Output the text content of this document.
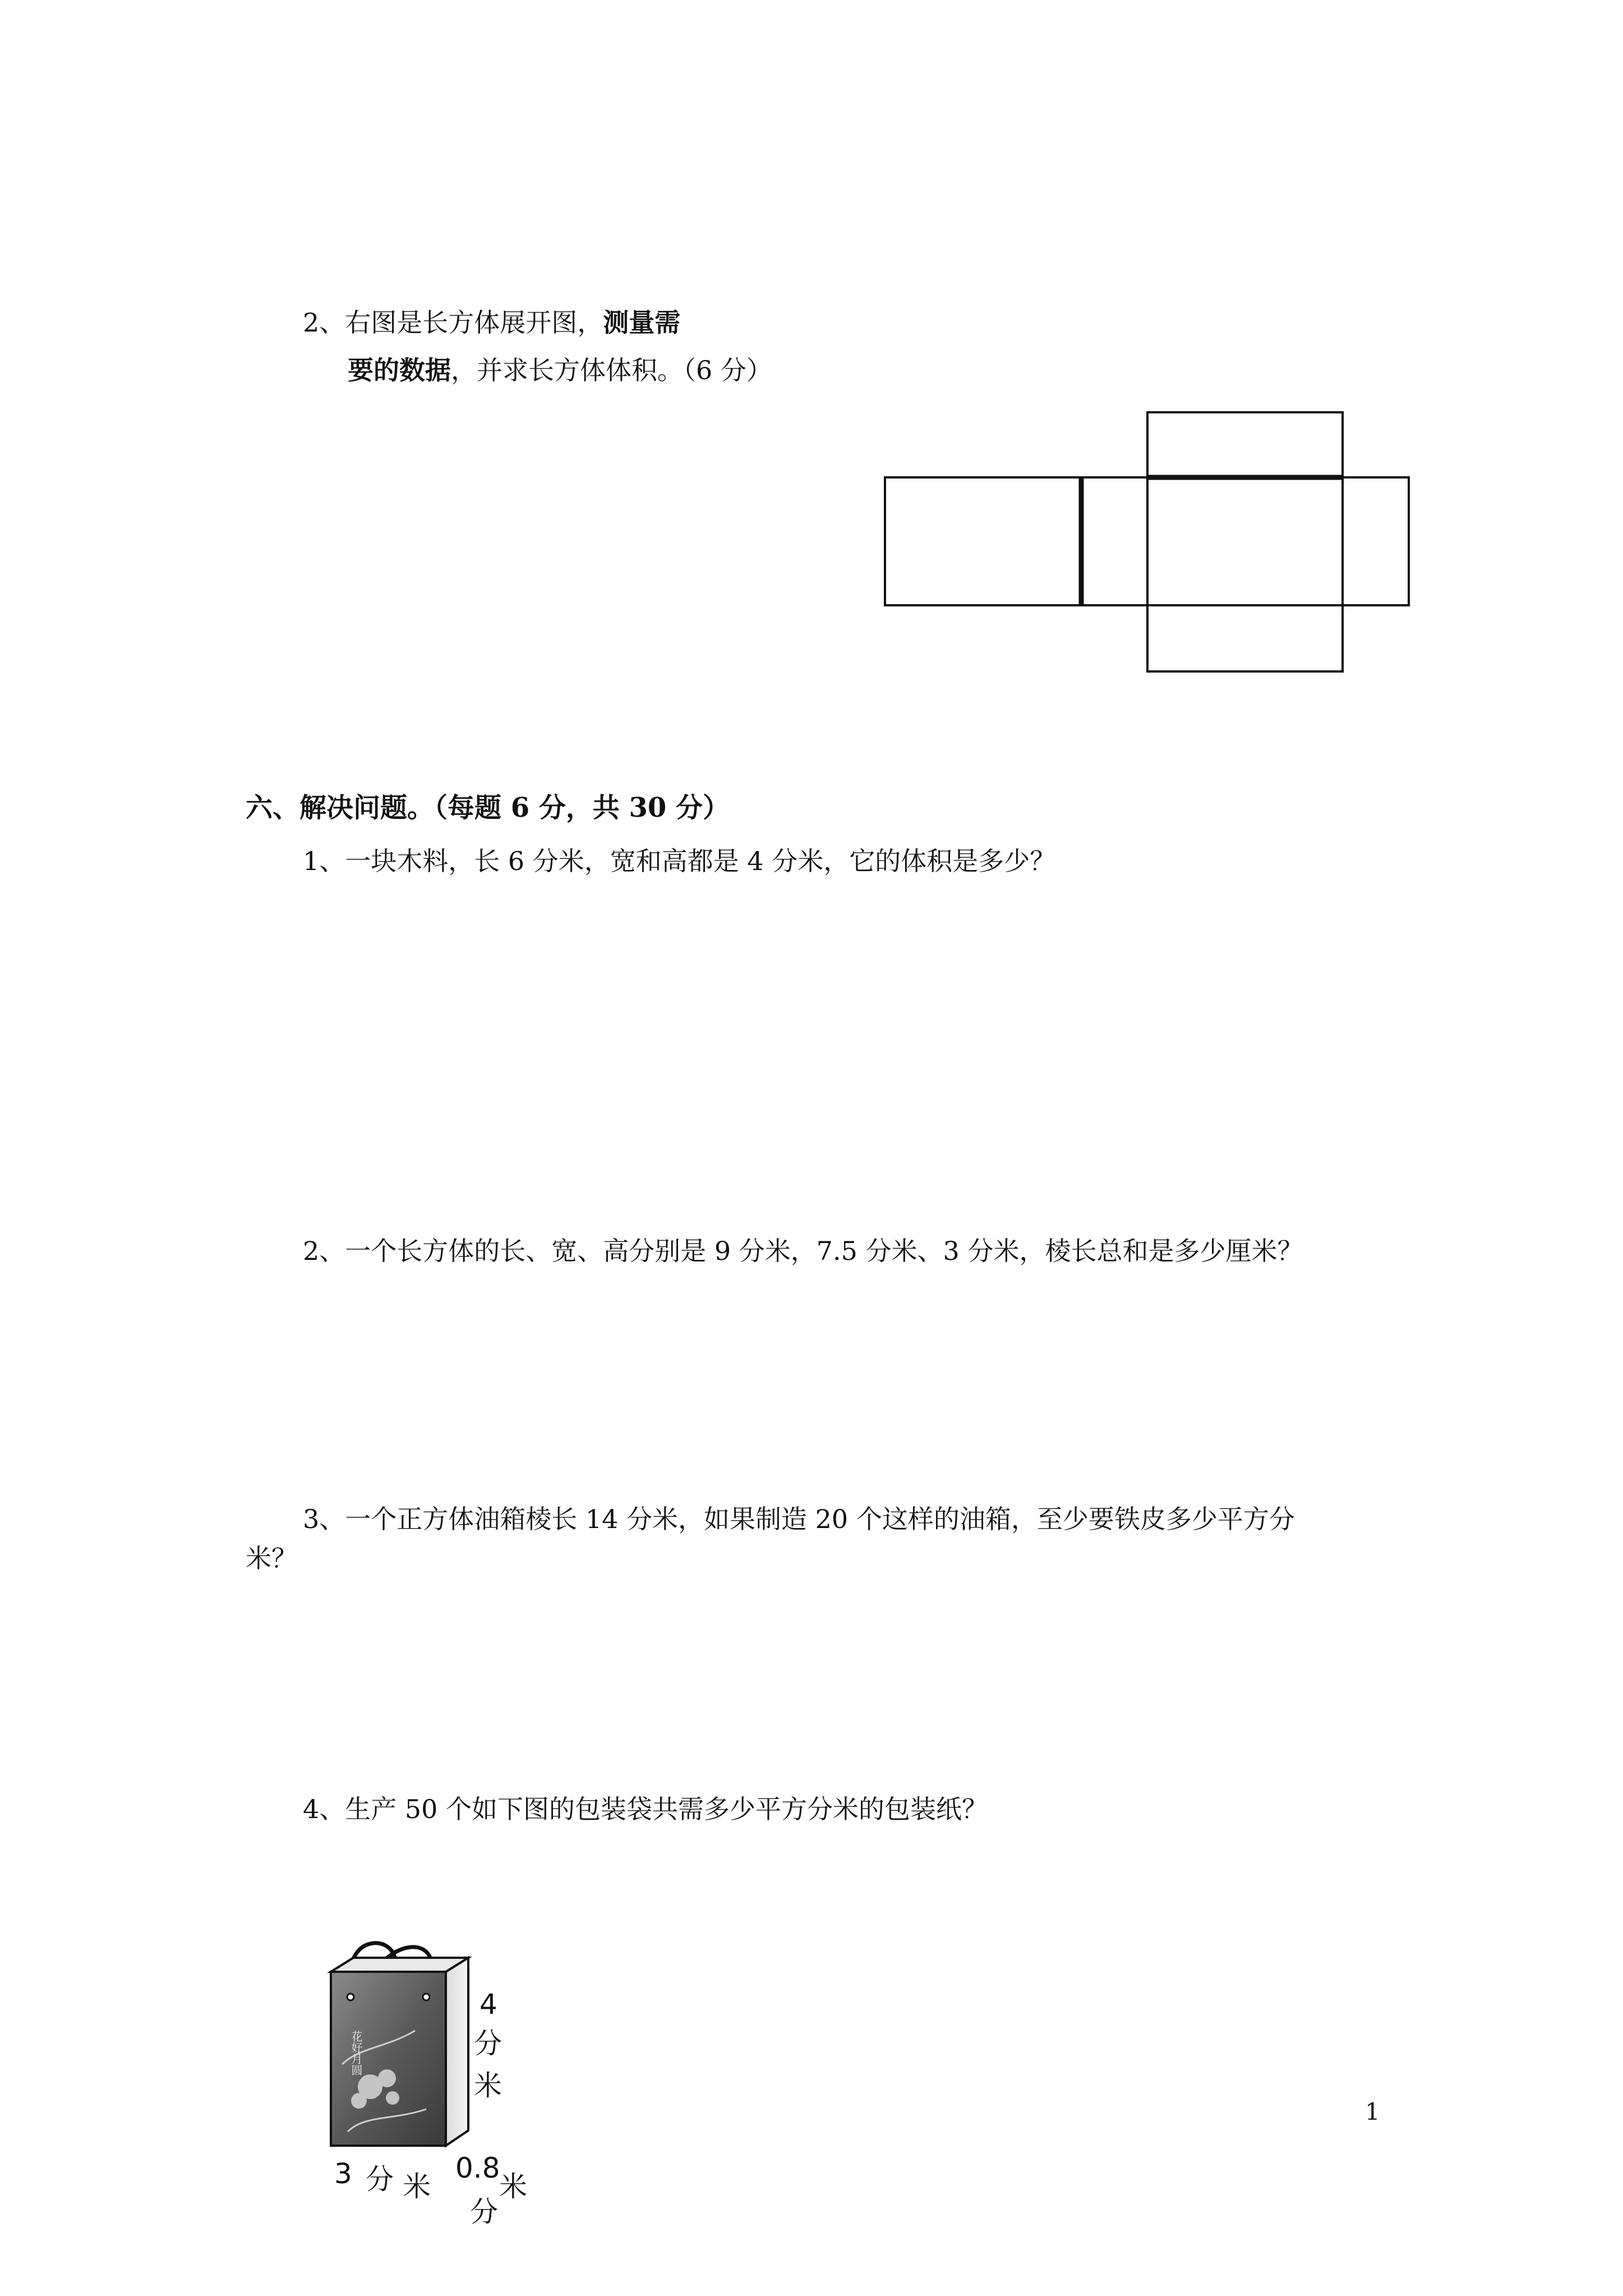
2、右图是长方体展开图，测量需
要的数据，并求长方体体积。（6 分）
六、解决问题。（每题 6 分，共 30 分）
1、一块木料，长 6 分米，宽和高都是 4 分米，它的体积是多少？
2、一个长方体的长、宽、高分别是 9 分米，7.5 分米、3 分米，棱长总和是多少厘米？
3、一个正方体油箱棱长 14 分米，如果制造 20 个这样的油箱，至少要铁皮多少平方分
米？
4、生产 50 个如下图的包装袋共需多少平方分米的包装纸？
花好月圆
4
分
米
3 分 米
0.8
分
米
1
